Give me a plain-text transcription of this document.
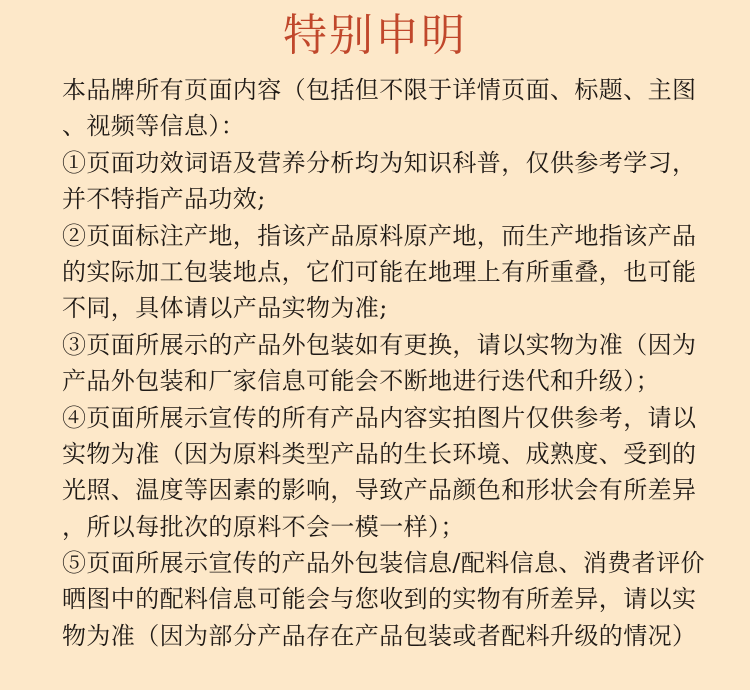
特别申明
本品牌所有页面内容（包括但不限于详情页面、标题、主图
、视频等信息）：
①页面功效词语及营养分析均为知识科普，仅供参考学习，
并不特指产品功效;
②页面标注产地，指该产品原料原产地，而生产地指该产品
的实际加工包装地点，它们可能在地理上有所重叠，也可能
不同，具体请以产品实物为准;
③页面所展示的产品外包装如有更换，请以实物为准（因为
产品外包装和厂家信息可能会不断地进行迭代和升级）；
④页面所展示宣传的所有产品内容实拍图片仅供参考，请以
实物为准（因为原料类型产品的生长环境、成熟度、受到的
光照、温度等因素的影响，导致产品颜色和形状会有所差异
，所以每批次的原料不会一模一样）；
⑤页面所展示宣传的产品外包装信息/配料信息、消费者评价
晒图中的配料信息可能会与您收到的实物有所差异，请以实
物为准（因为部分产品存在产品包装或者配料升级的情况）
